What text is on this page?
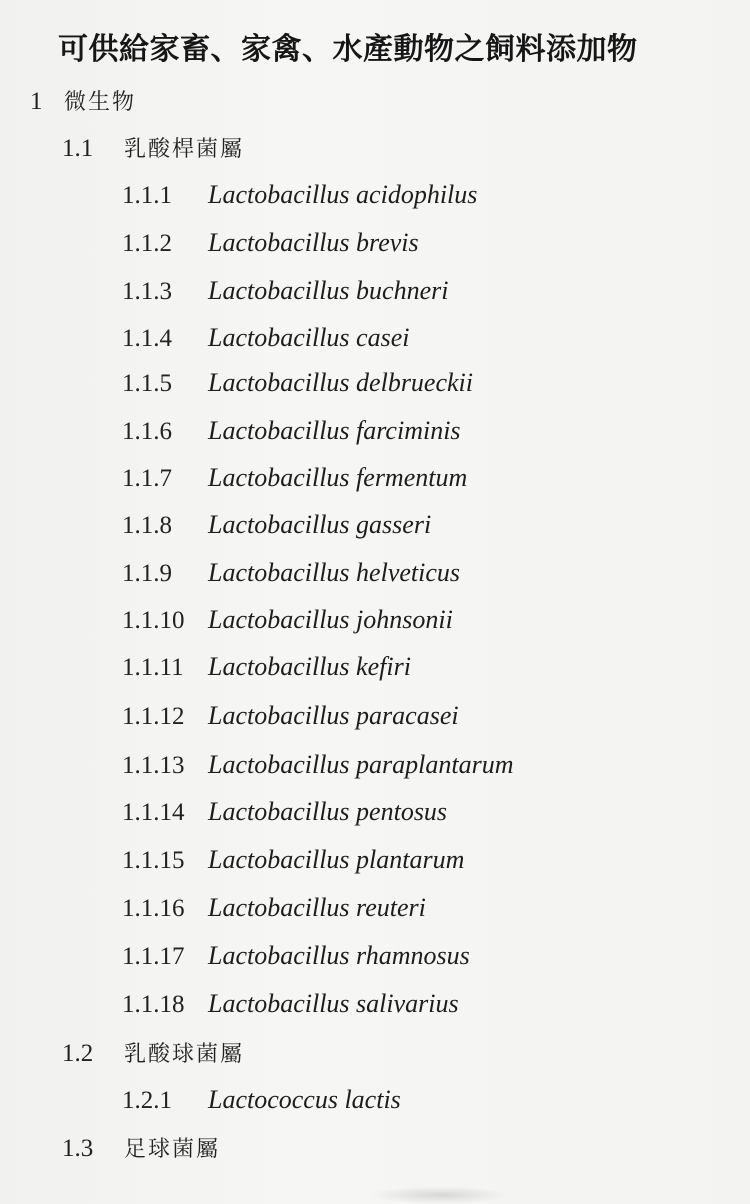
可供給家畜、家禽、水產動物之飼料添加物
1 微生物
1.1	乳酸桿菌屬
1.1.1	Lactobacillus acidophilus
1.1.2	Lactobacillus brevis
1.1.3	Lactobacillus buchneri
1.1.4	Lactobacillus casei
1.1.5	Lactobacillus delbrueckii
1.1.6	Lactobacillus farciminis
1.1.7	Lactobacillus fermentum
1.1.8	Lactobacillus gasseri
1.1.9	Lactobacillus helveticus
1.1.10 Lactobacillus johnsonii
1.1.11 Lactobacillus kefiri
1.1.12 Lactobacillus paracasei
1.1.13 Lactobacillus paraplantarum
1.1.14 Lactobacillus pentosus
1.1.15 Lactobacillus plantarum
1.1.16 Lactobacillus reuteri
1.1.17 Lactobacillus rhamnosus
1.1.18 Lactobacillus salivarius
1.2	乳酸球菌屬
1.2.1	Lactococcus lactis
1.3	足球菌屬
